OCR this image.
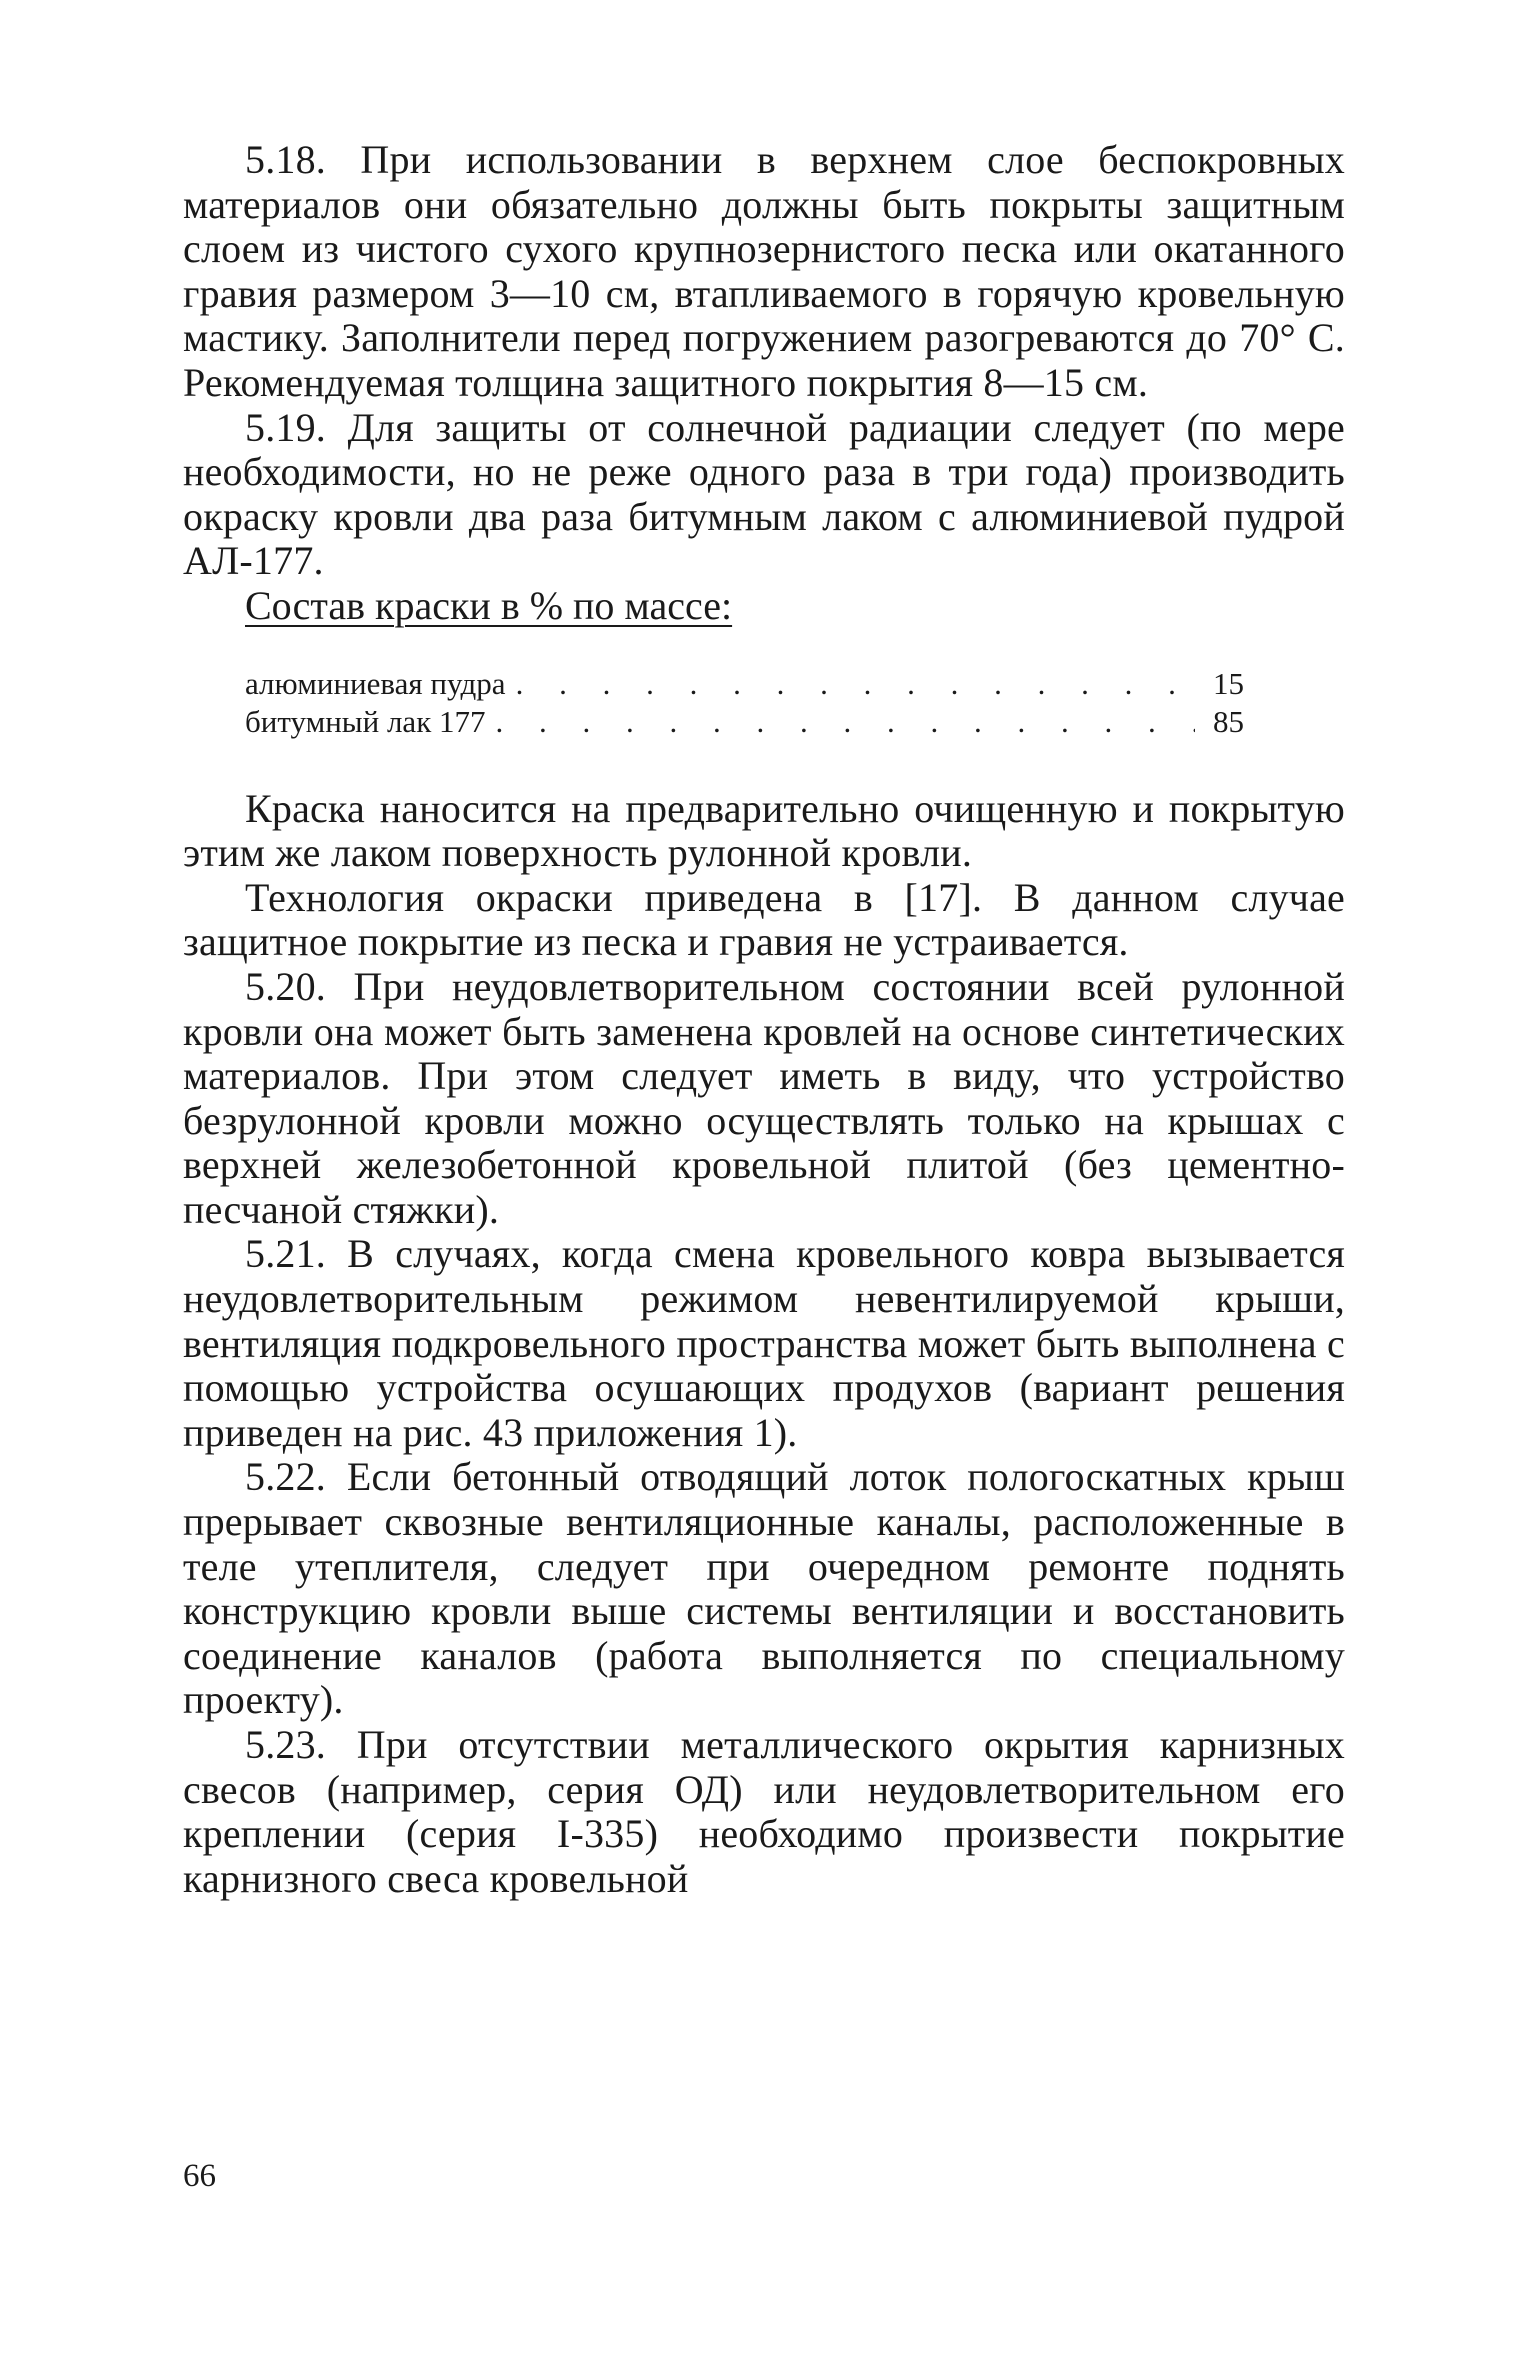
5.18. При использовании в верхнем слое беспокровных материалов они обязательно должны быть покрыты защитным слоем из чистого сухого крупнозернистого песка или окатанного гравия размером 3—10 см, втапливаемого в горячую кровельную мастику. Заполнители перед погружением разогреваются до 70° С. Рекомендуемая толщина защитного покрытия 8—15 см.

5.19. Для защиты от солнечной радиации следует (по мере необходимости, но не реже одного раза в три года) производить окраску кровли два раза битумным лаком с алюминиевой пудрой АЛ-177.

Состав краски в % по массе:

алюминиевая пудра . . .	15
битумный лак 177 . . .	85

Краска наносится на предварительно очищенную и покрытую этим же лаком поверхность рулонной кровли.

Технология окраски приведена в [17]. В данном случае защитное покрытие из песка и гравия не устраивается.

5.20. При неудовлетворительном состоянии всей рулонной кровли она может быть заменена кровлей на основе синтетических материалов. При этом следует иметь в виду, что устройство безрулонной кровли можно осуществлять только на крышах с верхней железобетонной кровельной плитой (без цементно-песчаной стяжки).

5.21. В случаях, когда смена кровельного ковра вызывается неудовлетворительным режимом невентилируемой крыши, вентиляция подкровельного пространства может быть выполнена с помощью устройства осушающих продухов (вариант решения приведен на рис. 43 приложения 1).

5.22. Если бетонный отводящий лоток пологоскатных крыш прерывает сквозные вентиляционные каналы, расположенные в теле утеплителя, следует при очередном ремонте поднять конструкцию кровли выше системы вентиляции и восстановить соединение каналов (работа выполняется по специальному проекту).

5.23. При отсутствии металлического окрытия карнизных свесов (например, серия ОД) или неудовлетворительном его креплении (серия I-335) необходимо произвести покрытие карнизного свеса кровельной

66
